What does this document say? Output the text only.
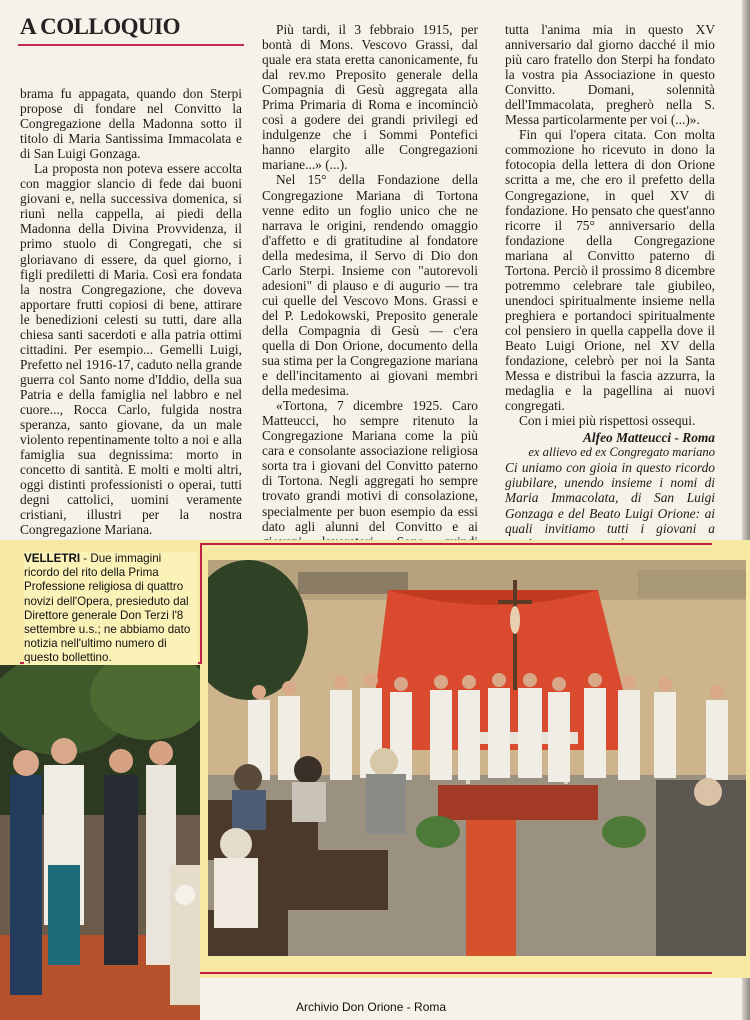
A COLLOQUIO

brama fu appagata, quando don Sterpi propose di fondare nel Convitto la Congregazione della Madonna sotto il titolo di Maria Santissima Immacolata e di San Luigi Gonzaga.

La proposta non poteva essere accolta con maggior slancio di fede dai buoni giovani e, nella successiva domenica, si riunì nella cappella, ai piedi della Madonna della Divina Provvidenza, il primo stuolo di Congregati, che si gloriavano di essere, da quel giorno, i figli prediletti di Maria. Così era fondata la nostra Congregazione, che doveva apportare frutti copiosi di bene, attirare le benedizioni celesti su tutti, dare alla chiesa santi sacerdoti e alla patria ottimi cittadini. Per esempio... Gemelli Luigi, Prefetto nel 1916-17, caduto nella grande guerra col Santo nome d'Iddio, della sua Patria e della famiglia nel labbro e nel cuore..., Rocca Carlo, fulgida nostra speranza, santo giovane, da un male violento repentinamente tolto a noi e alla famiglia sua degnissima: morto in concetto di santità. E molti e molti altri, oggi distinti professionisti o operai, tutti degni cattolici, uomini veramente cristiani, illustri per la nostra Congregazione Mariana.

Più tardi, il 3 febbraio 1915, per bontà di Mons. Vescovo Grassi, dal quale era stata eretta canonicamente, fu dal rev.mo Preposito generale della Compagnia di Gesù aggregata alla Prima Primaria di Roma e incominciò così a godere dei grandi privilegi ed indulgenze che i Sommi Pontefici hanno elargito alle Congregazioni mariane...» (...).

Nel 15° della Fondazione della Congregazione Mariana di Tortona venne edito un foglio unico che ne narrava le origini, rendendo omaggio d'affetto e di gratitudine al fondatore della medesima, il Servo di Dio don Carlo Sterpi. Insieme con "autorevoli adesioni" di plauso e di augurio — tra cui quelle del Vescovo Mons. Grassi e del P. Ledokowski, Preposito generale della Compagnia di Gesù — c'era quella di Don Orione, documento della sua stima per la Congregazione mariana e dell'incitamento ai giovani membri della medesima.

«Tortona, 7 dicembre 1925. Caro Matteucci, ho sempre ritenuto la Congregazione Mariana come la più cara e consolante associazione religiosa sorta tra i giovani del Convitto paterno di Tortona. Negli aggregati ho sempre trovato grandi motivi di consolazione, specialmente per buon esempio da essi dato agli alunni del Convitto e ai

tutta l'anima mia in questo XV anniversario dal giorno dacché il mio più caro fratello don Sterpi ha fondato la vostra pia Associazione in questo Convitto. Domani, solennità dell'Immacolata, pregherò nella S. Messa particolarmente per voi (...)».

Fin qui l'opera citata. Con molta commozione ho ricevuto in dono la fotocopia della lettera di don Orione scritta a me, che ero il prefetto della Congregazione, in quel XV di fondazione. Ho pensato che quest'anno ricorre il 75° anniversario della fondazione della Congregazione mariana al Convitto paterno di Tortona. Perciò il prossimo 8 dicembre potremmo celebrare tale giubileo, unendoci spiritualmente insieme nella preghiera e portandoci spiritualmente col pensiero in quella cappella dove il Beato Luigi Orione, nel XV della fondazione, celebrò per noi la Santa Messa e distribuì la fascia azzurra, la medaglia e la pagellina ai nuovi congregati.

Con i miei più rispettosi ossequi.

Alfeo Matteucci - Roma
ex allievo ed ex Congregato mariano

Ci uniamo con gioia in questo ricordo giubilare, unendo insieme i nomi di Maria Immacolata, di San Luigi Gonzaga e del Beato Luigi Orione: ai quali invitiamo tutti i giovani a

VELLETRI - Due immagini ricordo del rito della Prima Professione religiosa di quattro novizi dell'Opera, presieduto dal Direttore generale Don Terzi l'8 settembre u.s.; ne abbiamo dato notizia nell'ultimo numero di questo bollettino.
Archivio Don Orione - Roma
